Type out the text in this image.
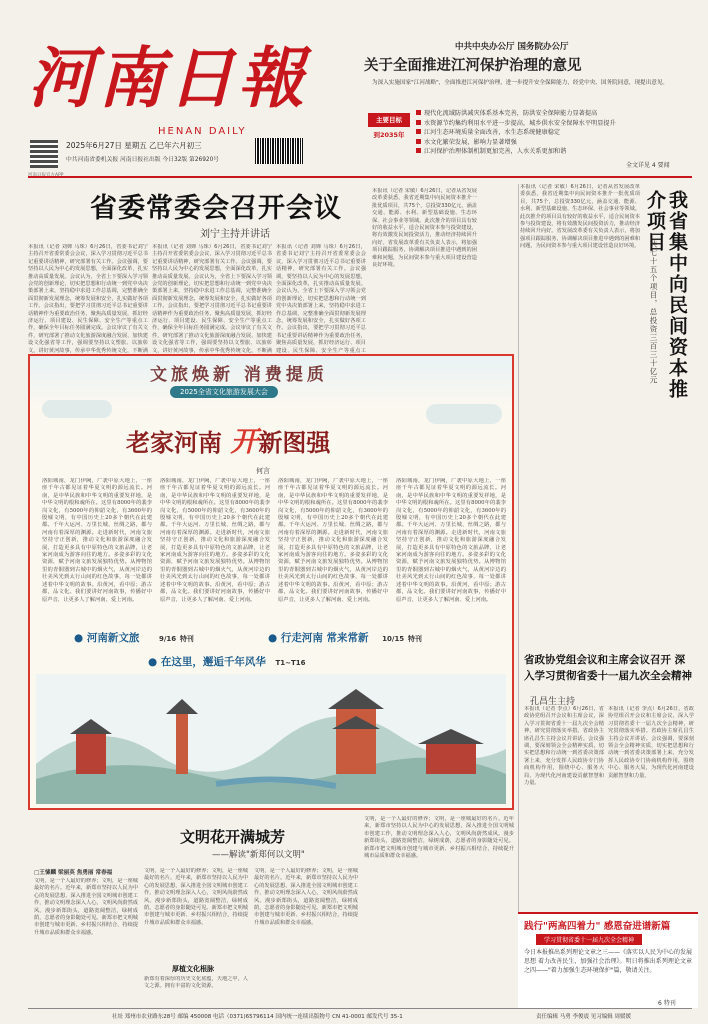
河南日報
HENAN DAILY
2025年6月27日 星期五 乙巳年六月初三
中共河南省委机关报 河南日报社出版 今日32版 第26920号
中共中央办公厅 国务院办公厅
关于全面推进江河保护治理的意见
为深入实施国家"江河战略"，全面推进江河保护治理，进一步提升安全保障能力，经党中央、国务院同意，现提出意见。
主要目标
到2035年
现代化流域防洪减灾体系基本完善，防洪安全保障能力显著提高
水资源节约集约利用水平进一步提高，城乡供水安全保障水平明显提升
江河生态环境质量全面改善，水生态系统健康稳定
水文化繁荣发展，影响力显著增强
江河保护治理体制机制更加完善，人水关系更加和谐
全文详见 4 要闻
省委常委会召开会议
刘宁主持并讲话
本报讯（记者 刘婵 马珠）6月26日，省委书记刘宁主持召开省委常委会会议，深入学习贯彻习近平总书记重要讲话精神，研究部署有关工作。会议强调，要坚持以人民为中心的发展思想，全面深化改革，扎实推动高质量发展。会议认为，全省上下要深入学习领会党的创新理论，切实把思想和行动统一到党中央决策部署上来，坚持稳中求进工作总基调，完整准确全面贯彻新发展理念，统筹发展和安全，扎实做好各项工作。会议指出，要把学习贯彻习近平总书记重要讲话精神作为重要政治任务，聚焦高质量发展，抓好经济运行、项目建设、民生保障、安全生产等重点工作，确保全年目标任务圆满完成。会议审议了有关文件，研究部署了推动文化旅游深度融合发展、加快建设文化强省等工作，强调要坚持以文塑旅、以旅彰文，讲好黄河故事，传承中华优秀传统文化，不断满
本报讯（记者 刘婵 马珠）6月26日，省委书记刘宁主持召开省委常委会会议，深入学习贯彻习近平总书记重要讲话精神，研究部署有关工作。会议强调，要坚持以人民为中心的发展思想，全面深化改革，扎实推动高质量发展。会议认为，全省上下要深入学习领会党的创新理论，切实把思想和行动统一到党中央决策部署上来，坚持稳中求进工作总基调，完整准确全面贯彻新发展理念，统筹发展和安全，扎实做好各项工作。会议指出，要把学习贯彻习近平总书记重要讲话精神作为重要政治任务，聚焦高质量发展，抓好经济运行、项目建设、民生保障、安全生产等重点工作，确保全年目标任务圆满完成。会议审议了有关文件，研究部署了推动文化旅游深度融合发展、加快建设文化强省等工作，强调要坚持以文塑旅、以旅彰文，讲好黄河故事，传承中华优秀传统文化，不断满
本报讯（记者 刘婵 马珠）6月26日，省委书记刘宁主持召开省委常委会会议，深入学习贯彻习近平总书记重要讲话精神，研究部署有关工作。会议强调，要坚持以人民为中心的发展思想，全面深化改革，扎实推动高质量发展。会议认为，全省上下要深入学习领会党的创新理论，切实把思想和行动统一到党中央决策部署上来，坚持稳中求进工作总基调，完整准确全面贯彻新发展理念，统筹发展和安全，扎实做好各项工作。会议指出，要把学习贯彻习近平总书记重要讲话精神作为重要政治任务，聚焦高质量发展，抓好经济运行、项目建设、民生保障、安全生产等重点工
本报讯（记者 宋敏）6月26日，记者从省发展改革委获悉，我省近期集中向民间资本推介一批优质项目，共75个，总投资330亿元，涵盖交通、能源、水利、新型基础设施、生态环保、社会事业等领域。此次推介的项目具有较好的收益水平，适合民间资本参与投资建设，将有效激发民间投资活力，推动经济持续回升向好。省发展改革委有关负责人表示，将加强项目跟踪服务，协调解决项目推进中遇到的困难和问题，为民间资本参与重大项目建设营造良好环境。
本报讯（记者 宋敏）6月26日，记者从省发展改革委获悉，我省近期集中向民间资本推介一批优质项目，共75个，总投资330亿元，涵盖交通、能源、水利、新型基础设施、生态环保、社会事业等领域。此次推介的项目具有较好的收益水平，适合民间资本参与投资建设，将有效激发民间投资活力，推动经济持续回升向好。省发展改革委有关负责人表示，将加强项目跟踪服务，协调解决项目推进中遇到的困难和问题，为民间资本参与重大项目建设营造良好环境。	我省集中向民间资本推介项目
共七十五个项目，总投资三百三十亿元
文旅焕新 消费提质
2025全省文化旅游发展大会
老家河南 开新图强
何言
洛阳城南，龙门伊阙，广袤中原大地上，一座座千年古都见证着华夏文明的源远流长。河南，是中华民族和中华文明的重要发祥地，是中华文明的根和魂所在。这里有8000年的裴李岗文化，有5000年的仰韶文化，有3600年的殷墟文明，有中国历史上20多个朝代在此建都。千年大运河、万里长城、丝绸之路，都与河南有着深厚的渊源。走进新时代，河南文旅坚持守正创新，推动文化和旅游深度融合发展，打造更多具有中原特色的文旅品牌，让老家河南成为游客向往的地方。多姿多彩的文化资源，赋予河南文旅发展独特优势。从博物馆里的青铜器到古城中的烟火气，从黄河岸边的壮美风光到太行山间的红色故事，每一处都讲述着中华文明的故事。沿黄河，看中原；游古都，品文化。我们要讲好河南故事，传播好中原声音，让更多人了解河南、爱上河南。
洛阳城南，龙门伊阙，广袤中原大地上，一座座千年古都见证着华夏文明的源远流长。河南，是中华民族和中华文明的重要发祥地，是中华文明的根和魂所在。这里有8000年的裴李岗文化，有5000年的仰韶文化，有3600年的殷墟文明，有中国历史上20多个朝代在此建都。千年大运河、万里长城、丝绸之路，都与河南有着深厚的渊源。走进新时代，河南文旅坚持守正创新，推动文化和旅游深度融合发展，打造更多具有中原特色的文旅品牌，让老家河南成为游客向往的地方。多姿多彩的文化资源，赋予河南文旅发展独特优势。从博物馆里的青铜器到古城中的烟火气，从黄河岸边的壮美风光到太行山间的红色故事，每一处都讲述着中华文明的故事。沿黄河，看中原；游古都，品文化。我们要讲好河南故事，传播好中原声音，让更多人了解河南、爱上河南。
洛阳城南，龙门伊阙，广袤中原大地上，一座座千年古都见证着华夏文明的源远流长。河南，是中华民族和中华文明的重要发祥地，是中华文明的根和魂所在。这里有8000年的裴李岗文化，有5000年的仰韶文化，有3600年的殷墟文明，有中国历史上20多个朝代在此建都。千年大运河、万里长城、丝绸之路，都与河南有着深厚的渊源。走进新时代，河南文旅坚持守正创新，推动文化和旅游深度融合发展，打造更多具有中原特色的文旅品牌，让老家河南成为游客向往的地方。多姿多彩的文化资源，赋予河南文旅发展独特优势。从博物馆里的青铜器到古城中的烟火气，从黄河岸边的壮美风光到太行山间的红色故事，每一处都讲述着中华文明的故事。沿黄河，看中原；游古都，品文化。我们要讲好河南故事，传播好中原声音，让更多人了解河南、爱上河南。
洛阳城南，龙门伊阙，广袤中原大地上，一座座千年古都见证着华夏文明的源远流长。河南，是中华民族和中华文明的重要发祥地，是中华文明的根和魂所在。这里有8000年的裴李岗文化，有5000年的仰韶文化，有3600年的殷墟文明，有中国历史上20多个朝代在此建都。千年大运河、万里长城、丝绸之路，都与河南有着深厚的渊源。走进新时代，河南文旅坚持守正创新，推动文化和旅游深度融合发展，打造更多具有中原特色的文旅品牌，让老家河南成为游客向往的地方。多姿多彩的文化资源，赋予河南文旅发展独特优势。从博物馆里的青铜器到古城中的烟火气，从黄河岸边的壮美风光到太行山间的红色故事，每一处都讲述着中华文明的故事。沿黄河，看中原；游古都，品文化。我们要讲好河南故事，传播好中原声音，让更多人了解河南、爱上河南。
● 河南新文旅	9/16 特刊	● 行走河南 常来常新 10/15 特刊
● 在这里，邂逅千年风华 T1~T16	省政协党组会议和主席会议召开 深入学习贯彻省委十一届九次全会精神
孔昌生主持
本报讯（记者 李点）6月26日，省政协党组召开会议和主席会议，深入学习贯彻省委十一届九次全会精神，研究贯彻落实举措。省政协主席孔昌生主持会议并讲话。会议强调，要深刻领会全会精神实质，切实把思想和行动统一到省委决策部署上来，充分发挥人民政协专门协商机构作用，围绕中心、服务大局，为现代化河南建设贡献智慧和力量。
本报讯（记者 李点）6月26日，省政协党组召开会议和主席会议，深入学习贯彻省委十一届九次全会精神，研究贯彻落实举措。省政协主席孔昌生主持会议并讲话。会议强调，要深刻领会全会精神实质，切实把思想和行动统一到省委决策部署上来，充分发挥人民政协专门协商机构作用，围绕中心、服务大局，为现代化河南建设贡献智慧和力量。
践行"两高四着力" 感恩奋进谱新篇
学习贯彻省委十一届九次全会精神
今日本报推出系列理论文章之三——《落实以人民为中心的发展思想 着力改善民生，加强社会治理》。明日将推出系列理论文章之四——"着力加强生态环境保护"篇，敬请关注。
6 特刊
文明花开满城芳
——解读"新郑何以文明"
□王愫麟 梁丽英 焦勇丽 常春福
文明，是一个人最好的修养；文明，是一座城最好的名片。近年来，新郑市坚持以人民为中心的发展思想，深入推进全国文明城市创建工作，推动文明理念深入人心，文明风尚蔚然成风。漫步新郑街头，道路宽阔整洁，绿树成荫，志愿者的身影随处可见。新郑市把文明城市创建与城市更新、乡村振兴相结合，持续提升城市品质和群众幸福感。
文明，是一个人最好的修养；文明，是一座城最好的名片。近年来，新郑市坚持以人民为中心的发展思想，深入推进全国文明城市创建工作，推动文明理念深入人心，文明风尚蔚然成风。漫步新郑街头，道路宽阔整洁，绿树成荫，志愿者的身影随处可见。新郑市把文明城市创建与城市更新、乡村振兴相结合，持续提升城市品质和群众幸福感。
厚植文化根脉
新郑有着深厚的历史文化底蕴，天地之中，人文之源。拥有丰富的文化资源。
文明，是一个人最好的修养；文明，是一座城最好的名片。近年来，新郑市坚持以人民为中心的发展思想，深入推进全国文明城市创建工作，推动文明理念深入人心，文明风尚蔚然成风。漫步新郑街头，道路宽阔整洁，绿树成荫，志愿者的身影随处可见。新郑市把文明城市创建与城市更新、乡村振兴相结合，持续提升城市品质和群众幸福感。
文明，是一个人最好的修养；文明，是一座城最好的名片。近年来，新郑市坚持以人民为中心的发展思想，深入推进全国文明城市创建工作，推动文明理念深入人心，文明风尚蔚然成风。漫步新郑街头，道路宽阔整洁，绿树成荫，志愿者的身影随处可见。新郑市把文明城市创建与城市更新、乡村振兴相结合，持续提升城市品质和群众幸福感。
社址 郑州市农业路东28号 邮编 450008 电话（0371)65796114 国内统一连续出版物号 CN 41-0001 邮发代号 35-1	责任编辑 马勇 李俊震 见习编辑 周媛媛
